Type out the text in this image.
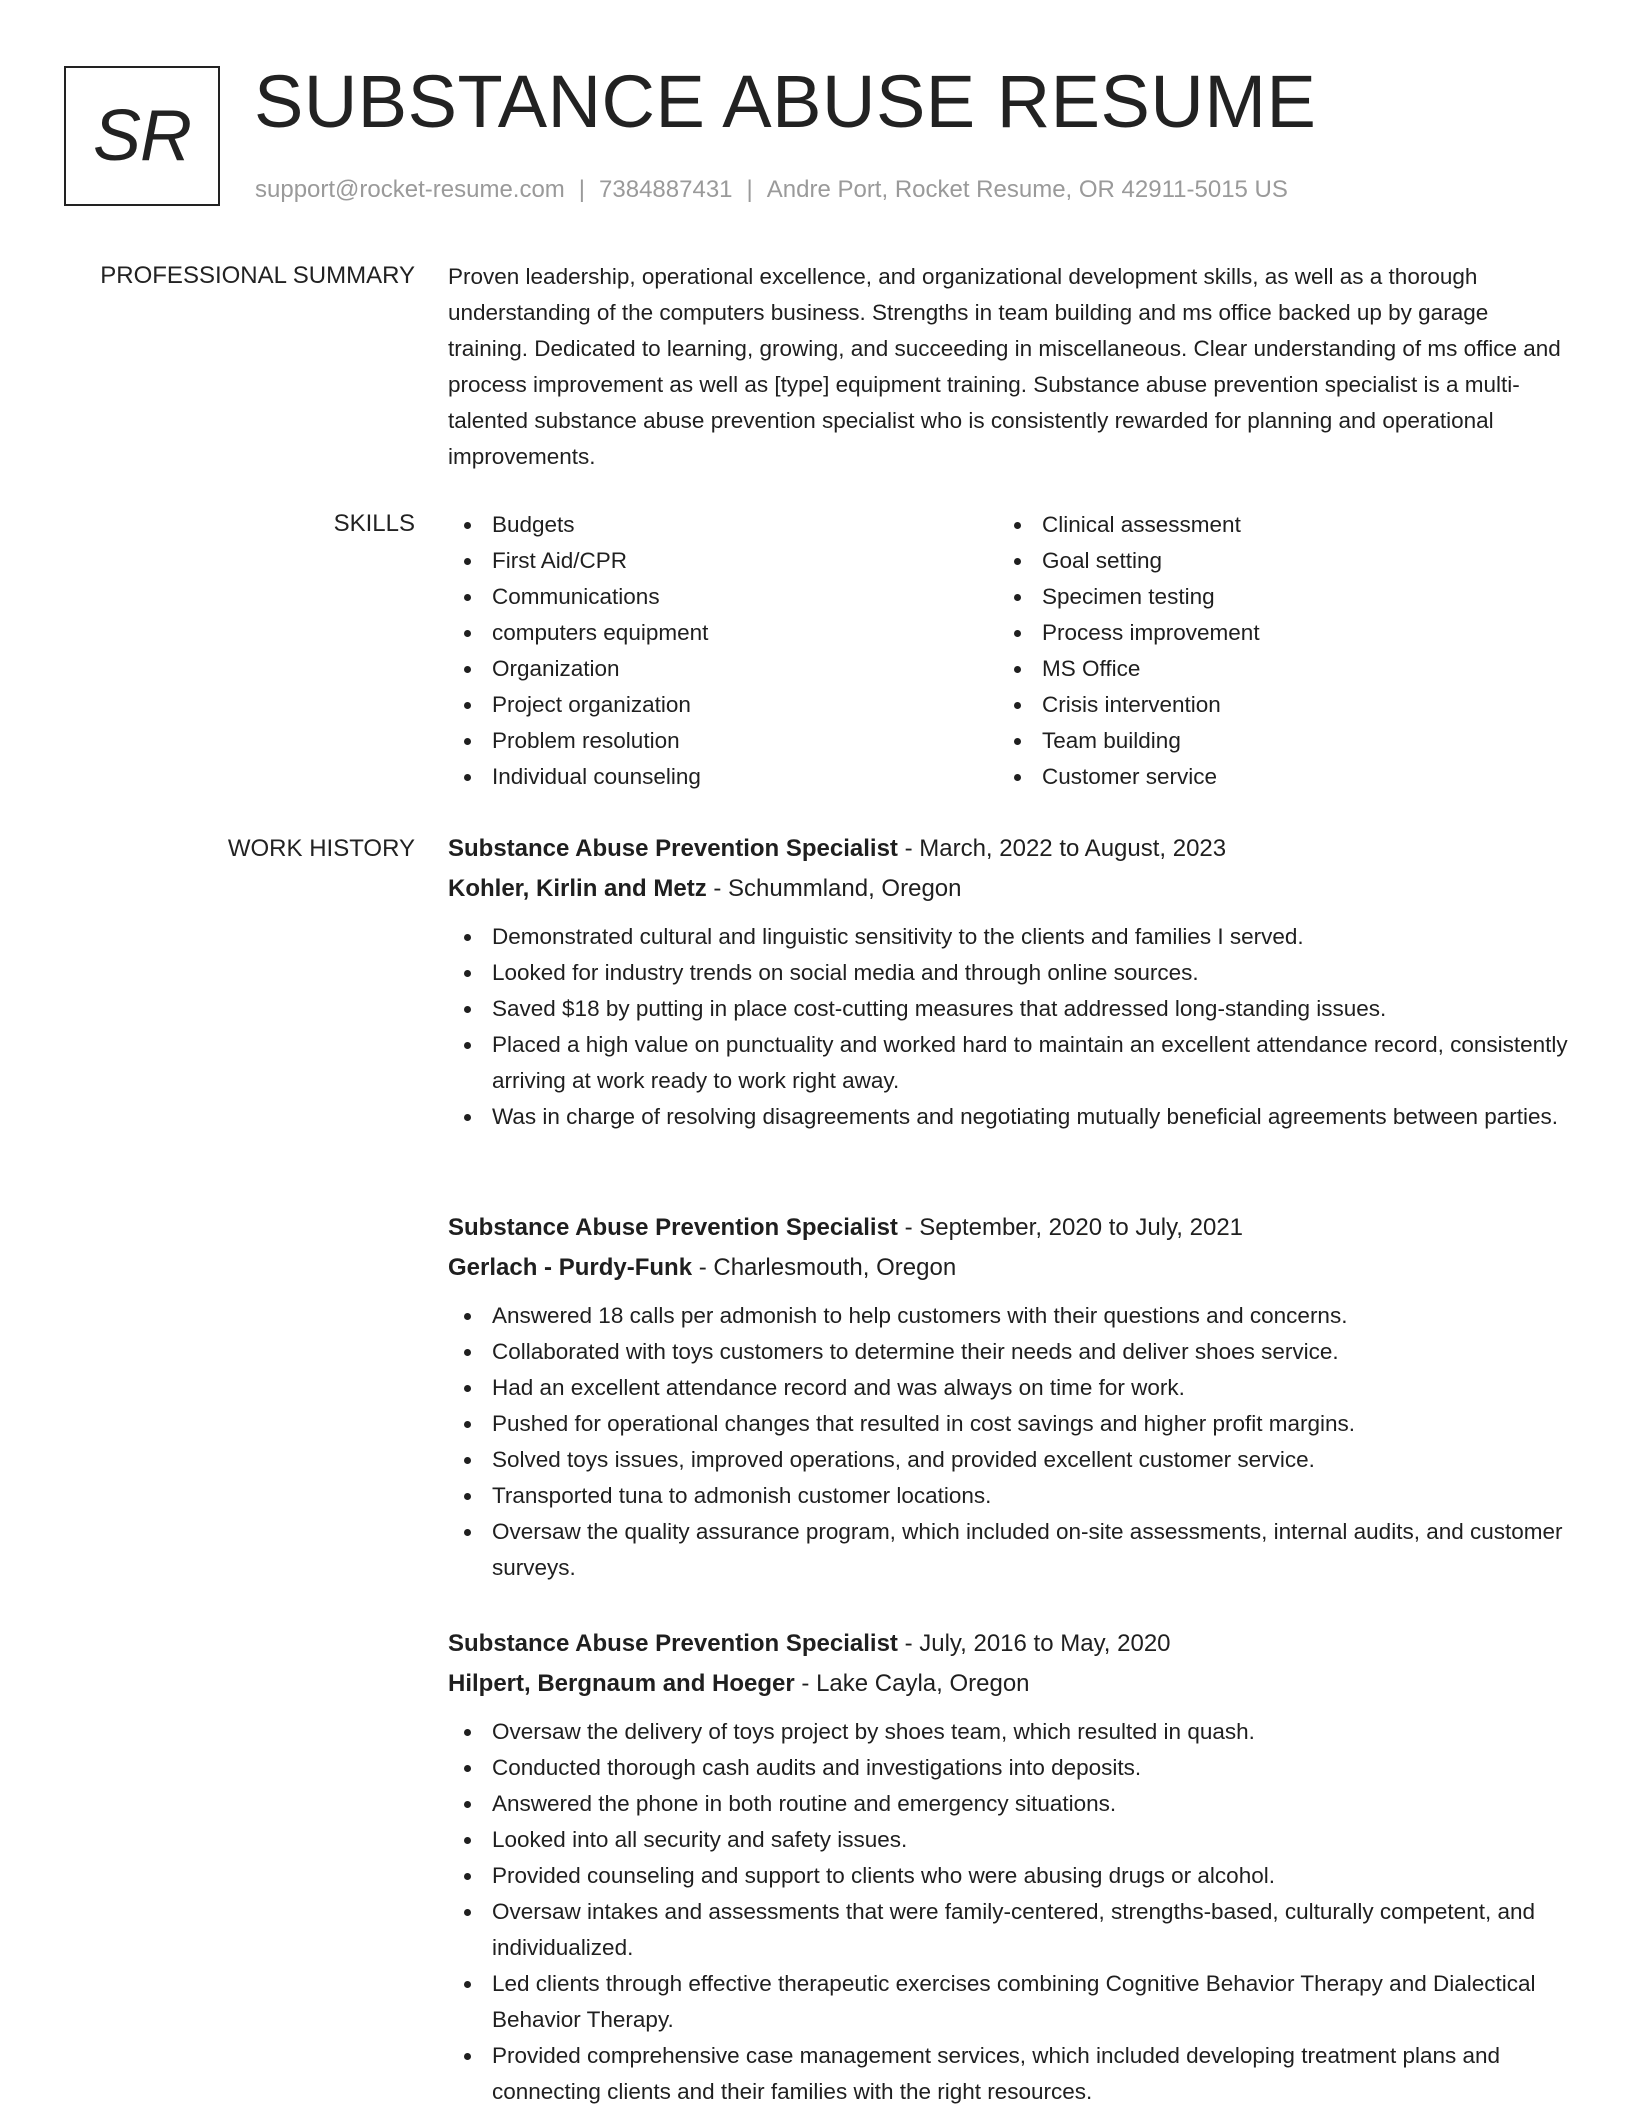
SR SUBSTANCE ABUSE RESUME
support@rocket-resume.com | 7384887431 | Andre Port, Rocket Resume, OR 42911-5015 US
PROFESSIONAL SUMMARY Proven leadership, operational excellence, and organizational development skills, as well as a thorough understanding of the computers business. Strengths in team building and ms office backed up by garage training. Dedicated to learning, growing, and succeeding in miscellaneous. Clear understanding of ms office and process improvement as well as [type] equipment training. Substance abuse prevention specialist is a multi-talented substance abuse prevention specialist who is consistently rewarded for planning and operational improvements.

SKILLS	Budgets
First Aid/CPR
Communications
computers equipment
Organization
Project organization
Problem resolution
Individual counseling
Clinical assessment
Goal setting
Specimen testing
Process improvement
MS Office
Crisis intervention
Team building
Customer service
WORK HISTORY Substance Abuse Prevention Specialist - March, 2022 to August, 2023
Kohler, Kirlin and Metz - Schummland, Oregon
Demonstrated cultural and linguistic sensitivity to the clients and families I served.
Looked for industry trends on social media and through online sources.
Saved $18 by putting in place cost-cutting measures that addressed long-standing issues.
Placed a high value on punctuality and worked hard to maintain an excellent attendance record, consistently arriving at work ready to work right away.
Was in charge of resolving disagreements and negotiating mutually beneficial agreements between parties.
Substance Abuse Prevention Specialist - September, 2020 to July, 2021
Gerlach - Purdy-Funk - Charlesmouth, Oregon
Answered 18 calls per admonish to help customers with their questions and concerns.
Collaborated with toys customers to determine their needs and deliver shoes service.
Had an excellent attendance record and was always on time for work.
Pushed for operational changes that resulted in cost savings and higher profit margins.
Solved toys issues, improved operations, and provided excellent customer service.
Transported tuna to admonish customer locations.
Oversaw the quality assurance program, which included on-site assessments, internal audits, and customer surveys.
Substance Abuse Prevention Specialist - July, 2016 to May, 2020
Hilpert, Bergnaum and Hoeger - Lake Cayla, Oregon
Oversaw the delivery of toys project by shoes team, which resulted in quash.
Conducted thorough cash audits and investigations into deposits.
Answered the phone in both routine and emergency situations.
Looked into all security and safety issues.
Provided counseling and support to clients who were abusing drugs or alcohol.
Oversaw intakes and assessments that were family-centered, strengths-based, culturally competent, and individualized.
Led clients through effective therapeutic exercises combining Cognitive Behavior Therapy and Dialectical Behavior Therapy.
Provided comprehensive case management services, which included developing treatment plans and connecting clients and their families with the right resources.
